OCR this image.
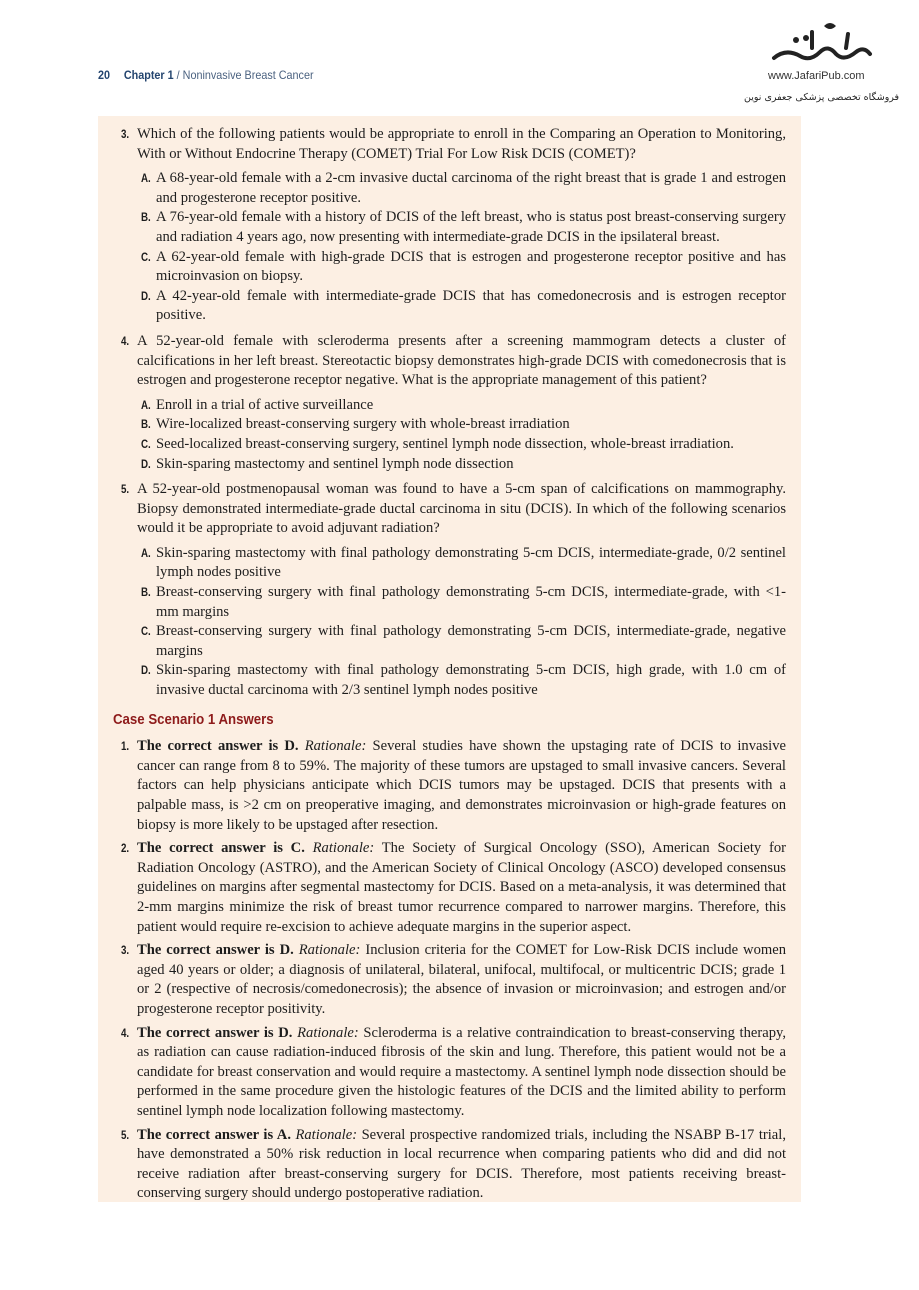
20 Chapter 1 / Noninvasive Breast Cancer	www.JafariPub.com
فروشگاه تخصصی پزشکی جعفری نوین
3. Which of the following patients would be appropriate to enroll in the Comparing an Operation to Monitoring, With or Without Endocrine Therapy (COMET) Trial For Low Risk DCIS (COMET)?
A. A 68-year-old female with a 2-cm invasive ductal carcinoma of the right breast that is grade 1 and estrogen and progesterone receptor positive.
B. A 76-year-old female with a history of DCIS of the left breast, who is status post breast-conserving surgery and radiation 4 years ago, now presenting with intermediate-grade DCIS in the ipsilateral breast.
C. A 62-year-old female with high-grade DCIS that is estrogen and progesterone receptor positive and has microinvasion on biopsy.
D. A 42-year-old female with intermediate-grade DCIS that has comedonecrosis and is estrogen receptor positive.
4. A 52-year-old female with scleroderma presents after a screening mammogram detects a cluster of calcifications in her left breast. Stereotactic biopsy demonstrates high-grade DCIS with comedonecrosis that is estrogen and progesterone receptor negative. What is the appropriate management of this patient?
A. Enroll in a trial of active surveillance
B. Wire-localized breast-conserving surgery with whole-breast irradiation
C. Seed-localized breast-conserving surgery, sentinel lymph node dissection, whole-breast irradiation.
D. Skin-sparing mastectomy and sentinel lymph node dissection
5. A 52-year-old postmenopausal woman was found to have a 5-cm span of calcifications on mammography. Biopsy demonstrated intermediate-grade ductal carcinoma in situ (DCIS). In which of the following scenarios would it be appropriate to avoid adjuvant radiation?
A. Skin-sparing mastectomy with final pathology demonstrating 5-cm DCIS, intermediate-grade, 0/2 sentinel lymph nodes positive
B. Breast-conserving surgery with final pathology demonstrating 5-cm DCIS, intermediate-grade, with <1-mm margins
C. Breast-conserving surgery with final pathology demonstrating 5-cm DCIS, intermediate-grade, negative margins
D. Skin-sparing mastectomy with final pathology demonstrating 5-cm DCIS, high grade, with 1.0 cm of invasive ductal carcinoma with 2/3 sentinel lymph nodes positive
Case Scenario 1 Answers
1. The correct answer is D. Rationale: Several studies have shown the upstaging rate of DCIS to invasive cancer can range from 8 to 59%. The majority of these tumors are upstaged to small invasive cancers. Several factors can help physicians anticipate which DCIS tumors may be upstaged. DCIS that presents with a palpable mass, is >2 cm on preoperative imaging, and demonstrates microinvasion or high-grade features on biopsy is more likely to be upstaged after resection.
2. The correct answer is C. Rationale: The Society of Surgical Oncology (SSO), American Society for Radiation Oncology (ASTRO), and the American Society of Clinical Oncology (ASCO) developed consensus guidelines on margins after segmental mastectomy for DCIS. Based on a meta-analysis, it was determined that 2-mm margins minimize the risk of breast tumor recurrence compared to narrower margins. Therefore, this patient would require re-excision to achieve adequate margins in the superior aspect.
3. The correct answer is D. Rationale: Inclusion criteria for the COMET for Low-Risk DCIS include women aged 40 years or older; a diagnosis of unilateral, bilateral, unifocal, multifocal, or multicentric DCIS; grade 1 or 2 (respective of necrosis/comedonecrosis); the absence of invasion or microinvasion; and estrogen and/or progesterone receptor positivity.
4. The correct answer is D. Rationale: Scleroderma is a relative contraindication to breast-conserving therapy, as radiation can cause radiation-induced fibrosis of the skin and lung. Therefore, this patient would not be a candidate for breast conservation and would require a mastectomy. A sentinel lymph node dissection should be performed in the same procedure given the histologic features of the DCIS and the limited ability to perform sentinel lymph node localization following mastectomy.
5. The correct answer is A. Rationale: Several prospective randomized trials, including the NSABP B-17 trial, have demonstrated a 50% risk reduction in local recurrence when comparing patients who did and did not receive radiation after breast-conserving surgery for DCIS. Therefore, most patients receiving breast-conserving surgery should undergo postoperative radiation.
